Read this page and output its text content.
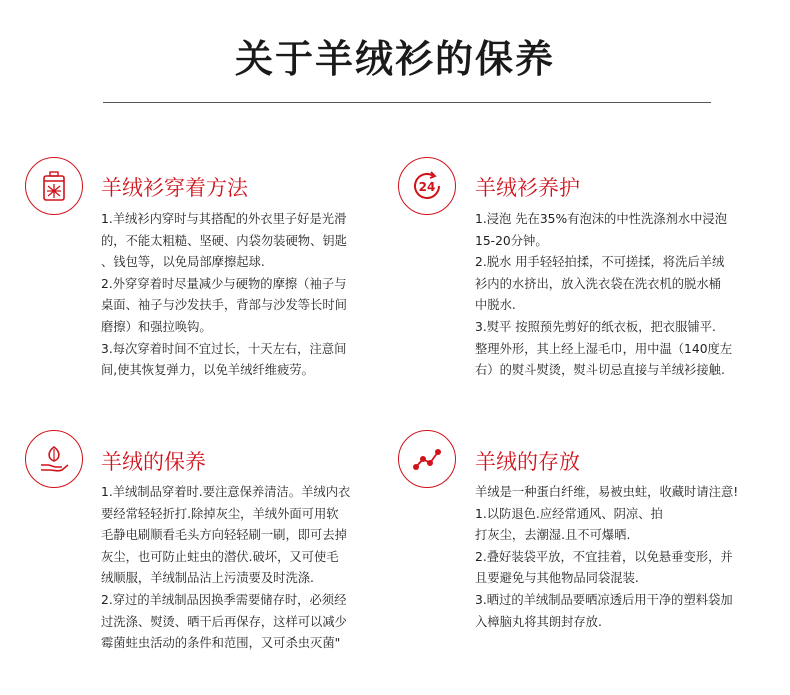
关于羊绒衫的保养
羊绒衫穿着方法

1.羊绒衫内穿时与其搭配的外衣里子好是光滑

的，不能太粗糙、坚硬、内袋勿装硬物、钥匙

、钱包等，以免局部摩擦起球.

2.外穿穿着时尽量减少与硬物的摩擦（袖子与

桌面、袖子与沙发扶手，背部与沙发等长时间

磨擦）和强拉唤钩。

3.每次穿着时间不宜过长，十天左右，注意间

间,使其恢复弹力，以免羊绒纤维疲劳。

24 羊绒衫养护

1.浸泡 先在35%有泡沫的中性洗涤剂水中浸泡

15-20分钟。

2.脱水 用手轻轻拍揉，不可搓揉，将洗后羊绒

衫内的水挤出，放入洗衣袋在洗衣机的脱水桶

中脱水.

3.熨平 按照预先剪好的纸衣板，把衣服铺平.

整理外形，其上经上湿毛巾，用中温（140度左

右）的熨斗熨烫，熨斗切忌直接与羊绒衫接触.

羊绒的保养

1.羊绒制品穿着时.要注意保养清洁。羊绒内衣

要经常轻轻折打.除掉灰尘，羊绒外面可用软

毛静电刷顺看毛头方向轻轻刷一刷，即可去掉

灰尘，也可防止蛀虫的潜伏.破坏，又可使毛

绒顺服，羊绒制品沾上污渍要及时洗涤.

2.穿过的羊绒制品因换季需要储存时，必须经

过洗涤、熨烫、晒干后再保存，这样可以减少

霉菌蛀虫活动的条件和范围，又可杀虫灭菌"

羊绒的存放

羊绒是一种蛋白纤维，易被虫蛀，收藏时请注意!

1.以防退色.应经常通风、阴凉、拍

打灰尘，去潮湿.且不可爆晒.

2.叠好装袋平放，不宜挂着，以免悬垂变形，并

且要避免与其他物品同袋混装.

3.晒过的羊绒制品要晒凉透后用干净的塑料袋加

入樟脑丸将其朗封存放.
